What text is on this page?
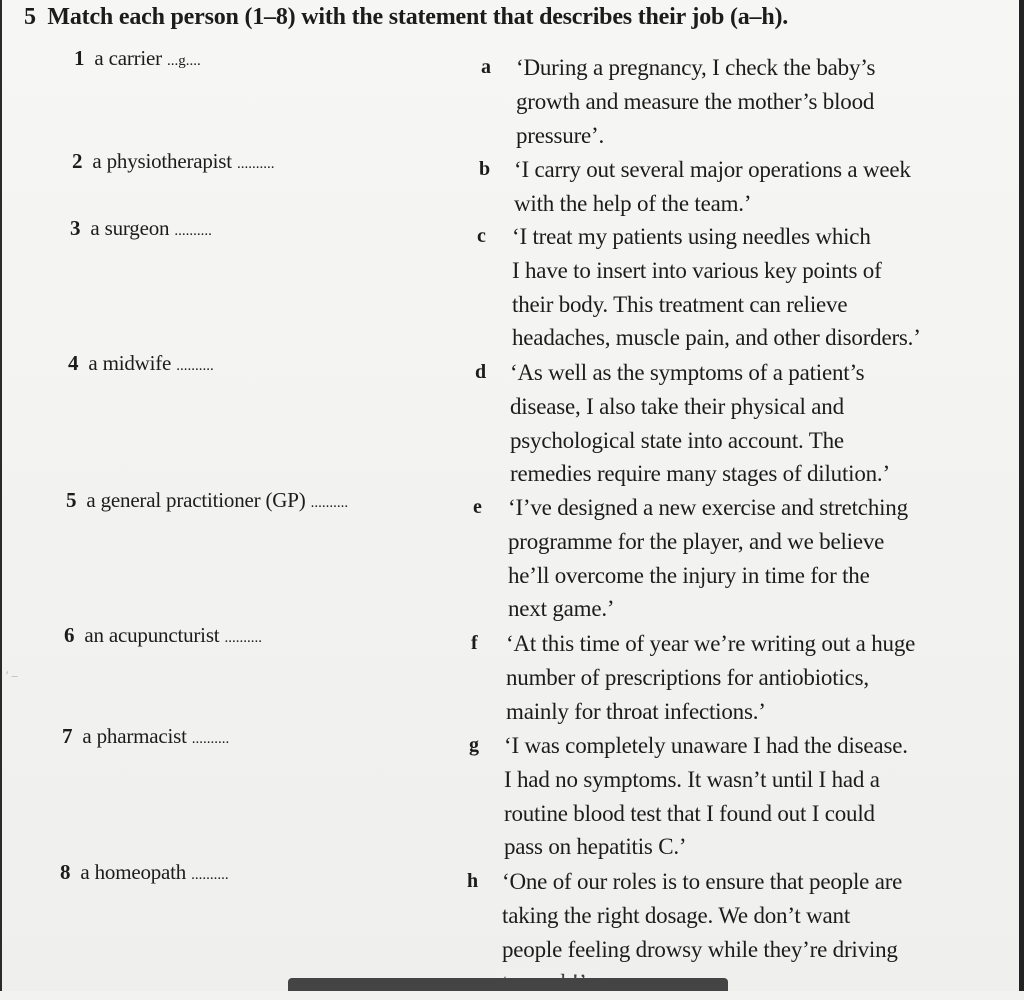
′ ‒
5 Match each person (1–8) with the statement that describes their job (a–h).
1 a carrier ...g....
2 a physiotherapist ..........
3 a surgeon ..........
4 a midwife ..........
5 a general practitioner (GP) ..........
6 an acupuncturist ..........
7 a pharmacist ..........
8 a homeopath ..........
a ‘During a pregnancy, I check the baby’s
growth and measure the mother’s blood
pressure’.
b ‘I carry out several major operations a week
with the help of the team.’
c ‘I treat my patients using needles which
I have to insert into various key points of
their body. This treatment can relieve
headaches, muscle pain, and other disorders.’
d ‘As well as the symptoms of a patient’s
disease, I also take their physical and
psychological state into account. The
remedies require many stages of dilution.’
e ‘I’ve designed a new exercise and stretching
programme for the player, and we believe
he’ll overcome the injury in time for the
next game.’
f ‘At this time of year we’re writing out a huge
number of prescriptions for antiobiotics,
mainly for throat infections.’
g ‘I was completely unaware I had the disease.
I had no symptoms. It wasn’t until I had a
routine blood test that I found out I could
pass on hepatitis C.’
h ‘One of our roles is to ensure that people are
taking the right dosage. We don’t want
people feeling drowsy while they’re driving
